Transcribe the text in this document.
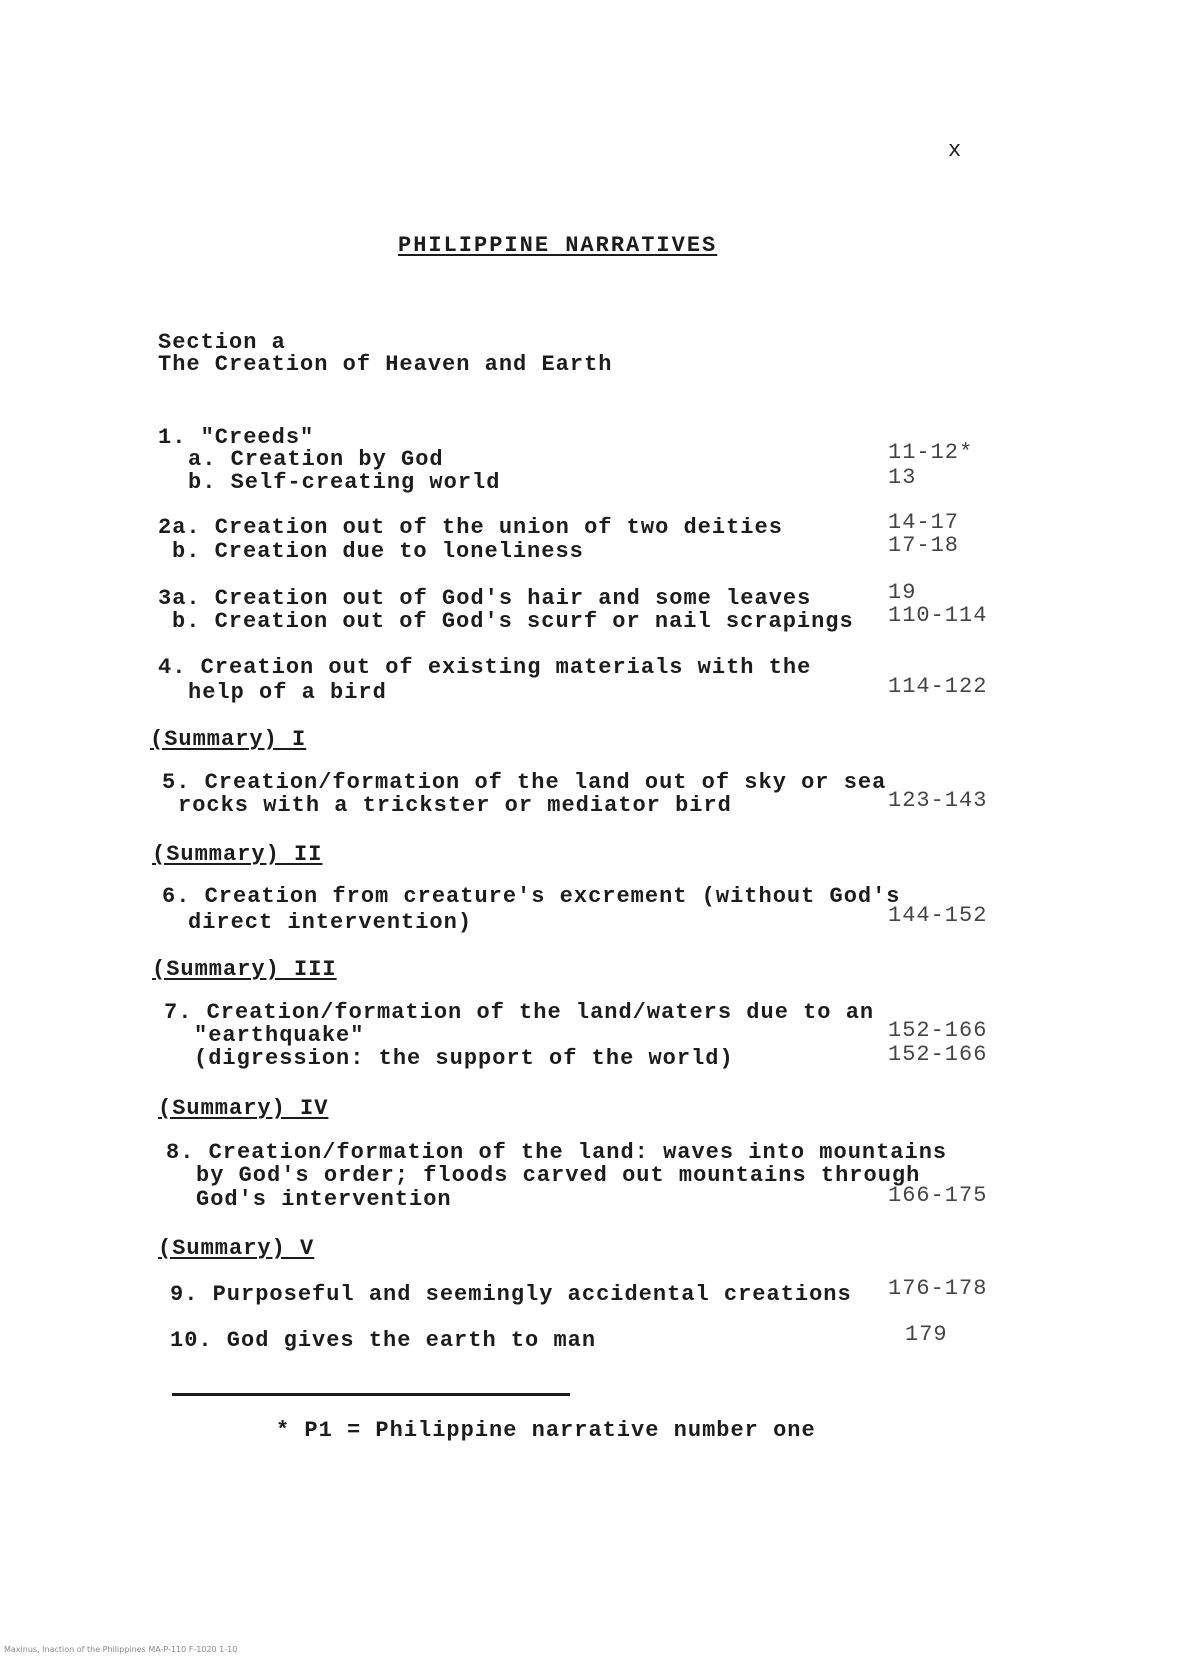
x
PHILIPPINE NARRATIVES
Section a
The Creation of Heaven and Earth
1. "Creeds"
a. Creation by God	11-12*
b. Self-creating world	13
2a. Creation out of the union of two deities	14-17
b. Creation due to loneliness	17-18
3a. Creation out of God's hair and some leaves	19
b. Creation out of God's scurf or nail scrapings 110-114
4. Creation out of existing materials with the
help of a bird	114-122
(Summary) I
5. Creation/formation of the land out of sky or sea
rocks with a trickster or mediator bird	123-143
(Summary) II
6. Creation from creature's excrement (without God's
direct intervention)	144-152
(Summary) III
7. Creation/formation of the land/waters due to an
"earthquake"	152-166
(digression: the support of the world)	152-166
(Summary) IV
8. Creation/formation of the land: waves into mountains
by God's order; floods carved out mountains through
God's intervention	166-175
(Summary) V
9. Purposeful and seemingly accidental creations 176-178
10. God gives the earth to man	179
* P1 = Philippine narrative number one
Maxinus, Inaction of the Philippines MA-P-110 F-1020 1-10
